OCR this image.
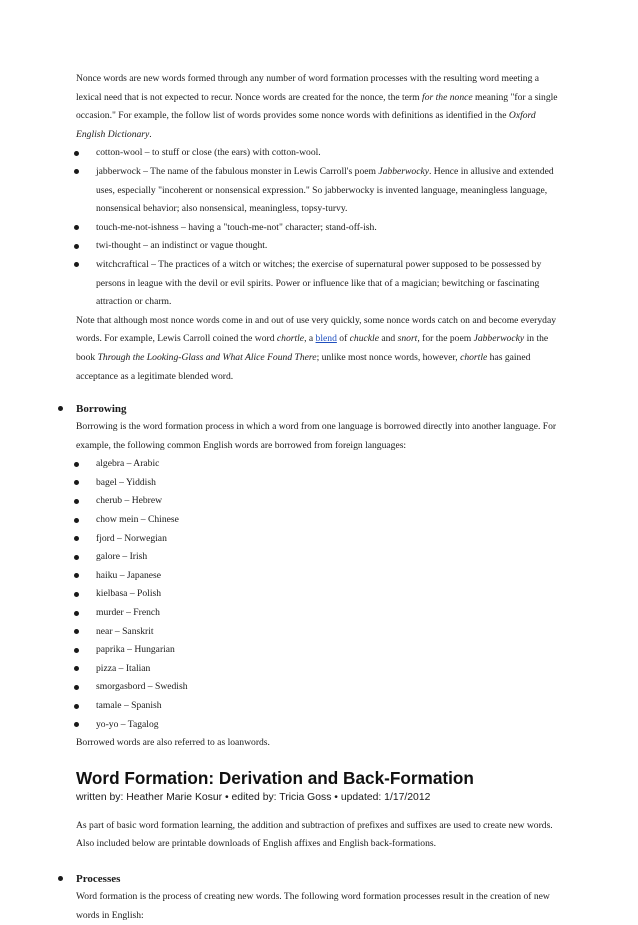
Nonce words are new words formed through any number of word formation processes with the resulting word meeting a lexical need that is not expected to recur. Nonce words are created for the nonce, the term for the nonce meaning "for a single occasion." For example, the follow list of words provides some nonce words with definitions as identified in the Oxford English Dictionary.

cotton-wool – to stuff or close (the ears) with cotton-wool.
jabberwock – The name of the fabulous monster in Lewis Carroll's poem Jabberwocky. Hence in allusive and extended uses, especially "incoherent or nonsensical expression." So jabberwocky is invented language, meaningless language, nonsensical behavior; also nonsensical, meaningless, topsy-turvy.
touch-me-not-ishness – having a "touch-me-not" character; stand-off-ish.
twi-thought – an indistinct or vague thought.
witchcraftical – The practices of a witch or witches; the exercise of supernatural power supposed to be possessed by persons in league with the devil or evil spirits. Power or influence like that of a magician; bewitching or fascinating attraction or charm.

Note that although most nonce words come in and out of use very quickly, some nonce words catch on and become everyday words. For example, Lewis Carroll coined the word chortle, a blend of chuckle and snort, for the poem Jabberwocky in the book Through the Looking-Glass and What Alice Found There; unlike most nonce words, however, chortle has gained acceptance as a legitimate blended word.

Borrowing

Borrowing is the word formation process in which a word from one language is borrowed directly into another language. For example, the following common English words are borrowed from foreign languages:

algebra – Arabic
bagel – Yiddish
cherub – Hebrew
chow mein – Chinese
fjord – Norwegian
galore – Irish
haiku – Japanese
kielbasa – Polish
murder – French
near – Sanskrit
paprika – Hungarian
pizza – Italian
smorgasbord – Swedish
tamale – Spanish
yo-yo – Tagalog

Borrowed words are also referred to as loanwords.

Word Formation: Derivation and Back-Formation

written by: Heather Marie Kosur • edited by: Tricia Goss • updated: 1/17/2012

As part of basic word formation learning, the addition and subtraction of prefixes and suffixes are used to create new words. Also included below are printable downloads of English affixes and English back-formations.

Processes

Word formation is the process of creating new words. The following word formation processes result in the creation of new words in English:
